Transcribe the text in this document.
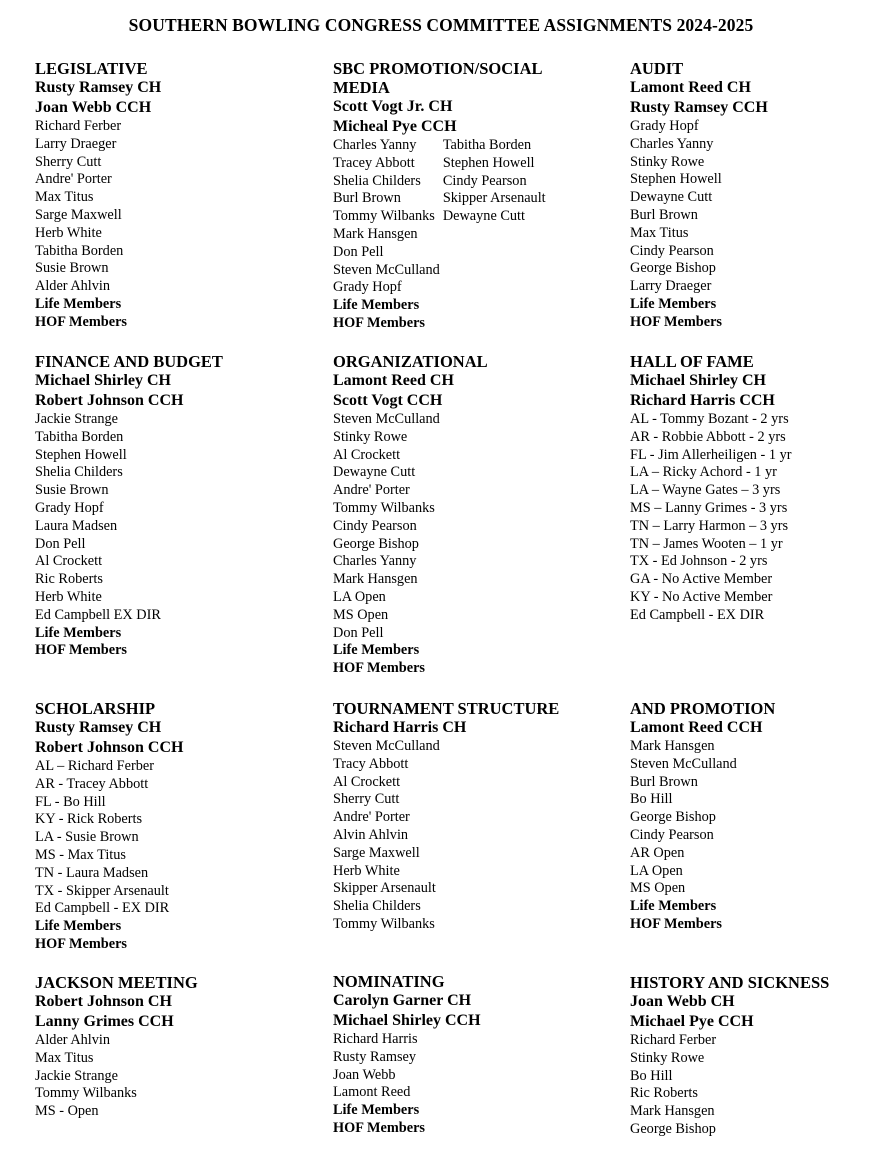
SOUTHERN BOWLING CONGRESS COMMITTEE ASSIGNMENTS 2024-2025
LEGISLATIVE
Rusty Ramsey CH
Joan Webb CCH
Richard Ferber
Larry Draeger
Sherry Cutt
Andre' Porter
Max Titus
Sarge Maxwell
Herb White
Tabitha Borden
Susie Brown
Alder Ahlvin
Life Members
HOF Members
SBC PROMOTION/SOCIAL
MEDIA
Scott Vogt Jr. CH
Micheal Pye CCH
Charles Yanny
Tracey Abbott
Shelia Childers
Burl Brown
Tommy Wilbanks
Tabitha Borden
Stephen Howell
Cindy Pearson
Skipper Arsenault
Dewayne Cutt
Mark Hansgen
Don Pell
Steven McCulland
Grady Hopf
Life Members
HOF Members
AUDIT
Lamont Reed CH
Rusty Ramsey CCH
Grady Hopf
Charles Yanny
Stinky Rowe
Stephen Howell
Dewayne Cutt
Burl Brown
Max Titus
Cindy Pearson
George Bishop
Larry Draeger
Life Members
HOF Members
FINANCE AND BUDGET
Michael Shirley CH
Robert Johnson CCH
Jackie Strange
Tabitha Borden
Stephen Howell
Shelia Childers
Susie Brown
Grady Hopf
Laura Madsen
Don Pell
Al Crockett
Ric Roberts
Herb White
Ed Campbell EX DIR
Life Members
HOF Members
ORGANIZATIONAL
Lamont Reed CH
Scott Vogt CCH
Steven McCulland
Stinky Rowe
Al Crockett
Dewayne Cutt
Andre' Porter
Tommy Wilbanks
Cindy Pearson
George Bishop
Charles Yanny
Mark Hansgen
LA Open
MS Open
Don Pell
Life Members
HOF Members
HALL OF FAME
Michael Shirley CH
Richard Harris CCH
AL - Tommy Bozant - 2 yrs
AR - Robbie Abbott - 2 yrs
FL - Jim Allerheiligen - 1 yr
LA – Ricky Achord - 1 yr
LA – Wayne Gates – 3 yrs
MS – Lanny Grimes - 3 yrs
TN – Larry Harmon – 3 yrs
TN – James Wooten – 1 yr
TX - Ed Johnson - 2 yrs
GA - No Active Member
KY - No Active Member
Ed Campbell - EX DIR
SCHOLARSHIP
Rusty Ramsey CH
Robert Johnson CCH
AL – Richard Ferber
AR - Tracey Abbott
FL - Bo Hill
KY - Rick Roberts
LA - Susie Brown
MS - Max Titus
TN - Laura Madsen
TX - Skipper Arsenault
Ed Campbell - EX DIR
Life Members
HOF Members
TOURNAMENT STRUCTURE
Richard Harris CH
Steven McCulland
Tracy Abbott
Al Crockett
Sherry Cutt
Andre' Porter
Alvin Ahlvin
Sarge Maxwell
Herb White
Skipper Arsenault
Shelia Childers
Tommy Wilbanks
AND PROMOTION
Lamont Reed CCH
Mark Hansgen
Steven McCulland
Burl Brown
Bo Hill
George Bishop
Cindy Pearson
AR Open
LA Open
MS Open
Life Members
HOF Members
JACKSON MEETING
Robert Johnson CH
Lanny Grimes CCH
Alder Ahlvin
Max Titus
Jackie Strange
Tommy Wilbanks
MS - Open
NOMINATING
Carolyn Garner CH
Michael Shirley CCH
Richard Harris
Rusty Ramsey
Joan Webb
Lamont Reed
Life Members
HOF Members
HISTORY AND SICKNESS
Joan Webb CH
Michael Pye CCH
Richard Ferber
Stinky Rowe
Bo Hill
Ric Roberts
Mark Hansgen
George Bishop
